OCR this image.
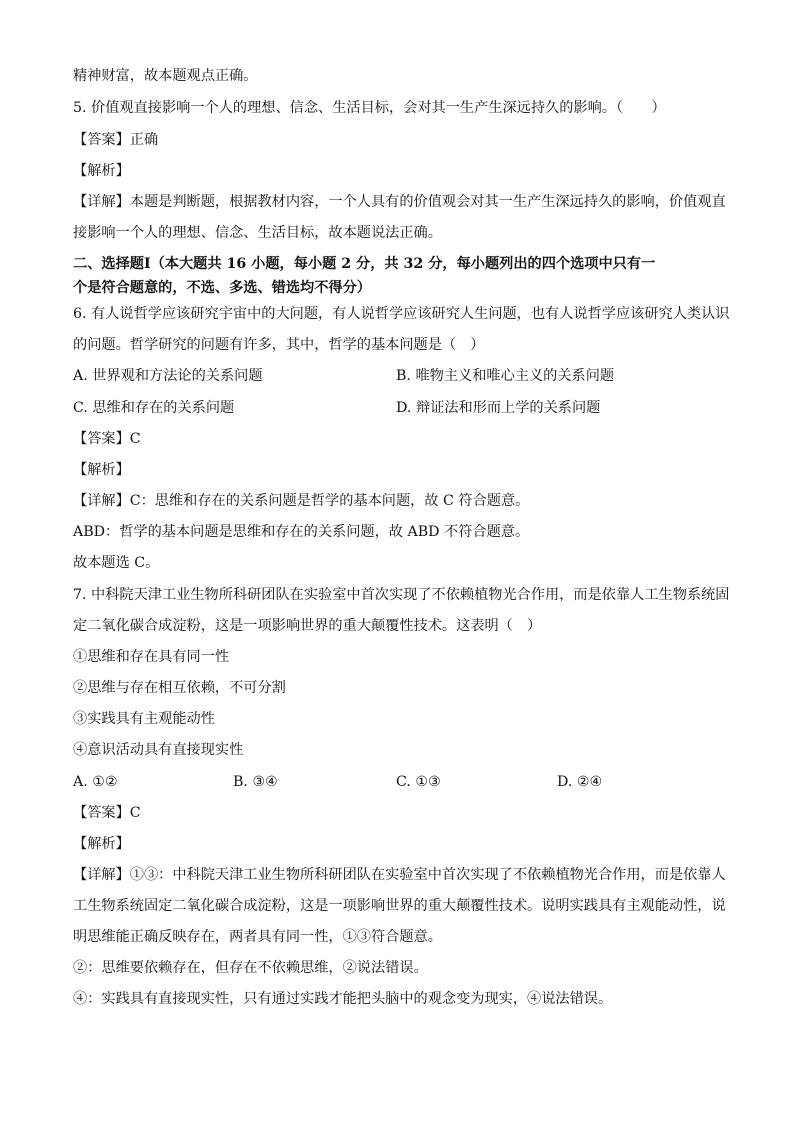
精神财富，故本题观点正确。
5. 价值观直接影响一个人的理想、信念、生活目标，会对其一生产生深远持久的影响。（　　）
【答案】正确
【解析】
【详解】本题是判断题，根据教材内容，一个人具有的价值观会对其一生产生深远持久的影响，价值观直
接影响一个人的理想、信念、生活目标，故本题说法正确。
二、选择题Ⅰ（本大题共 16 小题，每小题 2 分，共 32 分，每小题列出的四个选项中只有一
个是符合题意的，不选、多选、错选均不得分）
6. 有人说哲学应该研究宇宙中的大问题，有人说哲学应该研究人生问题，也有人说哲学应该研究人类认识
的问题。哲学研究的问题有许多，其中，哲学的基本问题是（　）
A. 世界观和方法论的关系问题	B. 唯物主义和唯心主义的关系问题
C. 思维和存在的关系问题	D. 辩证法和形而上学的关系问题
【答案】C
【解析】
【详解】C：思维和存在的关系问题是哲学的基本问题，故 C 符合题意。
ABD：哲学的基本问题是思维和存在的关系问题，故 ABD 不符合题意。
故本题选 C。
7. 中科院天津工业生物所科研团队在实验室中首次实现了不依赖植物光合作用，而是依靠人工生物系统固
定二氧化碳合成淀粉，这是一项影响世界的重大颠覆性技术。这表明（　）
①思维和存在具有同一性
②思维与存在相互依赖，不可分割
③实践具有主观能动性
④意识活动具有直接现实性
A. ①②	B. ③④	C. ①③	D. ②④
【答案】C
【解析】
【详解】①③：中科院天津工业生物所科研团队在实验室中首次实现了不依赖植物光合作用，而是依靠人
工生物系统固定二氧化碳合成淀粉，这是一项影响世界的重大颠覆性技术。说明实践具有主观能动性，说
明思维能正确反映存在，两者具有同一性，①③符合题意。
②：思维要依赖存在，但存在不依赖思维，②说法错误。
④：实践具有直接现实性，只有通过实践才能把头脑中的观念变为现实，④说法错误。
